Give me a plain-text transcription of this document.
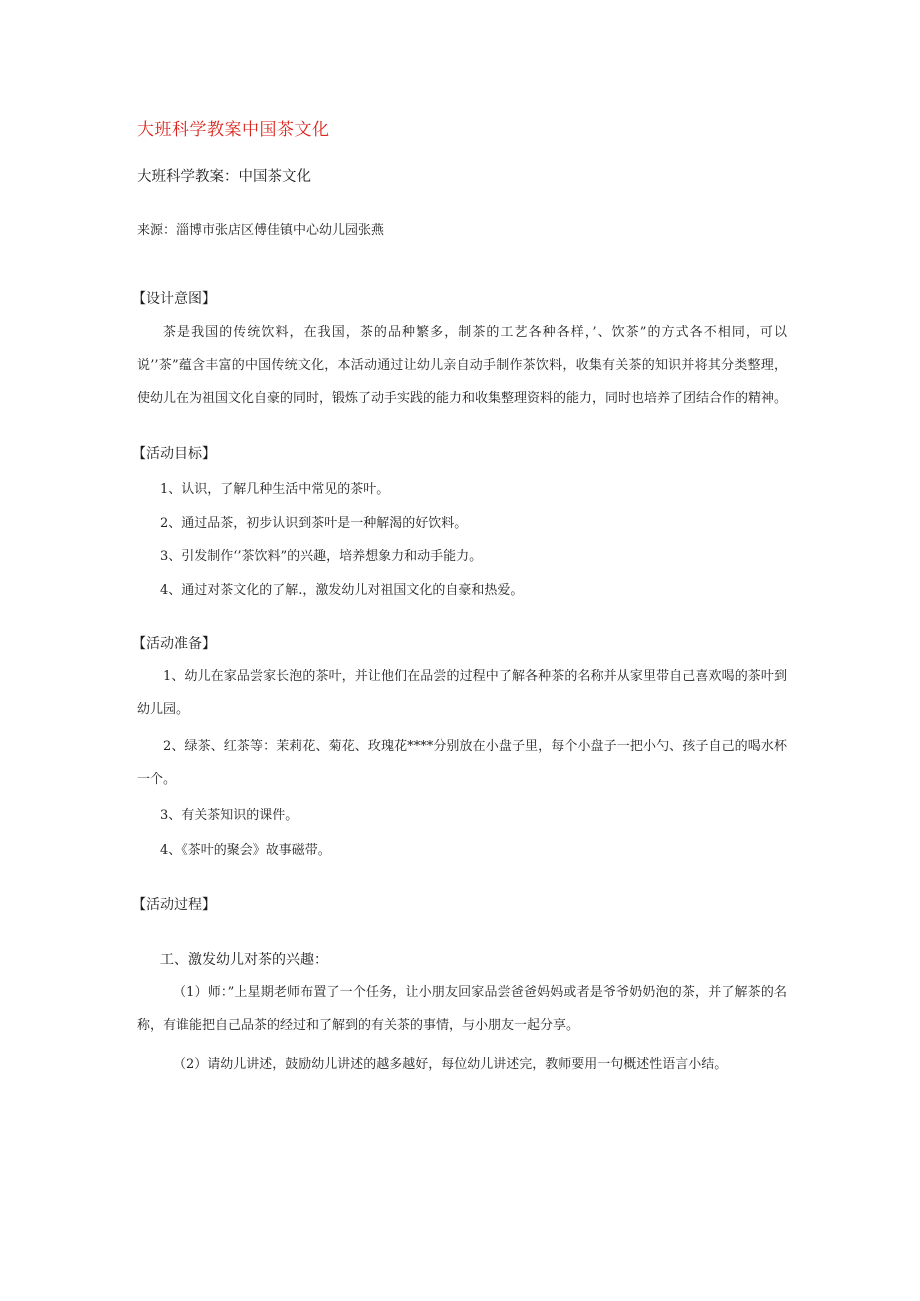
大班科学教案中国茶文化
大班科学教案：中国茶文化
来源：淄博市张店区傅佳镇中心幼儿园张燕
【设计意图】
茶是我国的传统饮料，在我国，茶的品种繁多，制茶的工艺各种各样，’、饮茶”的方式各不相同，可以说’’茶”蕴含丰富的中国传统文化，本活动通过让幼儿亲自动手制作茶饮料，收集有关茶的知识并将其分类整理，使幼儿在为祖国文化自豪的同时，锻炼了动手实践的能力和收集整理资料的能力，同时也培养了团结合作的精神。
【活动目标】
1、认识，了解几种生活中常见的茶叶。
2、通过品茶，初步认识到茶叶是一种解渴的好饮料。
3、引发制作‘’茶饮料”的兴趣，培养想象力和动手能力。
4、通过对茶文化的了解.，激发幼儿对祖国文化的自豪和热爱。
【活动准备】
1、幼儿在家品尝家长泡的茶叶，并让他们在品尝的过程中了解各种茶的名称并从家里带自己喜欢喝的茶叶到幼儿园。
2、绿茶、红茶等：茉莉花、菊花、玫瑰花****分别放在小盘子里，每个小盘子一把小勺、孩子自己的喝水杯一个。
3、有关茶知识的课件。
4、《茶叶的聚会》故事磁带。
【活动过程】
工、激发幼儿对茶的兴趣：
（1）师：”上星期老师布置了一个任务，让小朋友回家品尝爸爸妈妈或者是爷爷奶奶泡的茶，并了解茶的名称，有谁能把自己品茶的经过和了解到的有关茶的事情，与小朋友一起分享。
（2）请幼儿讲述，鼓励幼儿讲述的越多越好，每位幼儿讲述完，教师要用一句概述性语言小结。
